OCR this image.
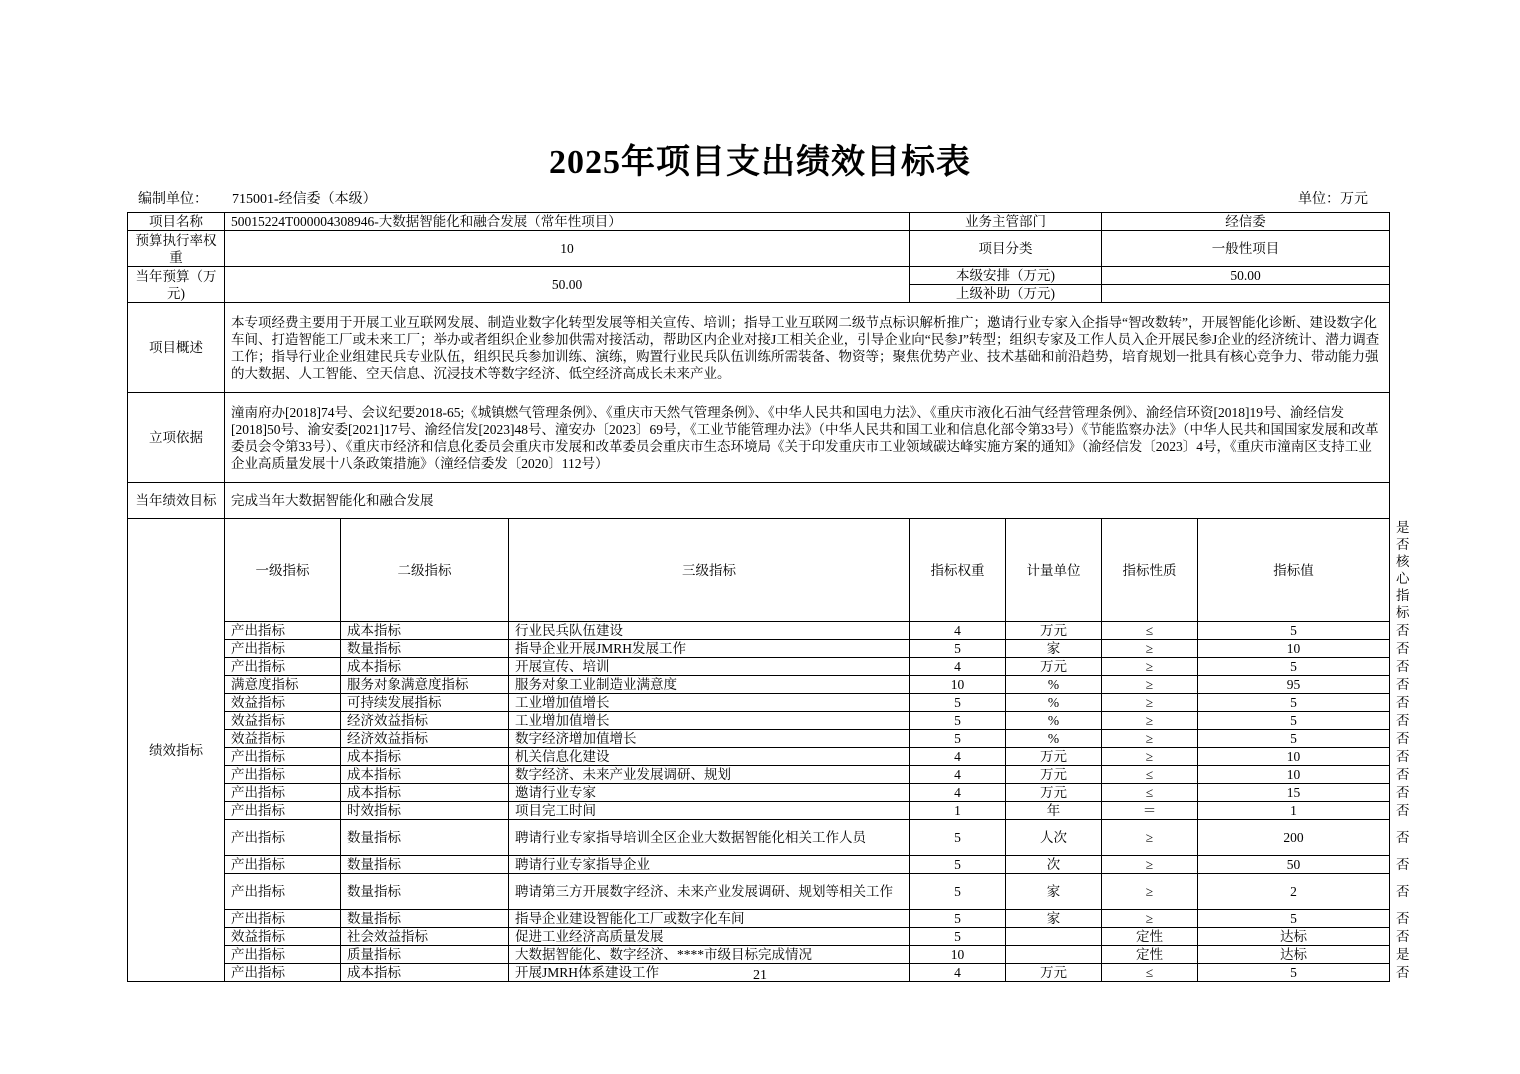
2025年项目支出绩效目标表
编制单位： 715001-经信委（本级）	单位：万元
项目名称	50015224T000004308946-大数据智能化和融合发展（常年性项目）			业务主管部门		经信委		
预算执行率权重	10			项目分类		一般性项目		
当年预算（万元)	50.00			本级安排（万元)		50.00		
				上级补助（万元)				
项目概述	本专项经费主要用于开展工业互联网发展、制造业数字化转型发展等相关宣传、培训；指导工业互联网二级节点标识解析推广；邀请行业专家入企指导“智改数转”，开展智能化诊断、建设数字化车间、打造智能工厂或未来工厂；举办或者组织企业参加供需对接活动，帮助区内企业对接J工相关企业，引导企业向“民参J”转型；组织专家及工作人员入企开展民参J企业的经济统计、潜力调查工作；指导行业企业组建民兵专业队伍，组织民兵参加训练、演练，购置行业民兵队伍训练所需装备、物资等；聚焦优势产业、技术基础和前沿趋势，培育规划一批具有核心竞争力、带动能力强的大数据、人工智能、空天信息、沉浸技术等数字经济、低空经济高成长未来产业。							
立项依据	潼南府办[2018]74号、会议纪要2018-65;《城镇燃气管理条例》、《重庆市天然气管理条例》、《中华人民共和国电力法》、《重庆市液化石油气经营管理条例》、渝经信环资[2018]19号、渝经信发[2018]50号、渝安委[2021]17号、渝经信发[2023]48号、潼安办〔2023〕69号，《工业节能管理办法》（中华人民共和国工业和信息化部令第33号）《节能监察办法》（中华人民共和国国家发展和改革委员会令第33号）、《重庆市经济和信息化委员会重庆市发展和改革委员会重庆市生态环境局《关于印发重庆市工业领域碳达峰实施方案的通知》（渝经信发〔2023〕4号，《重庆市潼南区支持工业企业高质量发展十八条政策措施》（潼经信委发〔2020〕112号）							
当年绩效目标	完成当年大数据智能化和融合发展							
绩效指标	一级指标	二级指标	三级指标	指标权重	计量单位	指标性质	指标值	是否核心指标
	产出指标	成本指标	行业民兵队伍建设	4	万元	≤	5	否
	产出指标	数量指标	指导企业开展JMRH发展工作	5	家	≥	10	否
	产出指标	成本指标	开展宣传、培训	4	万元	≥	5	否
	满意度指标	服务对象满意度指标	服务对象工业制造业满意度	10	%	≥	95	否
	效益指标	可持续发展指标	工业增加值增长	5	%	≥	5	否
	效益指标	经济效益指标	工业增加值增长	5	%	≥	5	否
	效益指标	经济效益指标	数字经济增加值增长	5	%	≥	5	否
	产出指标	成本指标	机关信息化建设	4	万元	≥	10	否
	产出指标	成本指标	数字经济、未来产业发展调研、规划	4	万元	≤	10	否
	产出指标	成本指标	邀请行业专家	4	万元	≤	15	否
	产出指标	时效指标	项目完工时间	1	年	＝	1	否
	产出指标	数量指标	聘请行业专家指导培训全区企业大数据智能化相关工作人员	5	人次	≥	200	否
	产出指标	数量指标	聘请行业专家指导企业	5	次	≥	50	否
	产出指标	数量指标	聘请第三方开展数字经济、未来产业发展调研、规划等相关工作	5	家	≥	2	否
	产出指标	数量指标	指导企业建设智能化工厂或数字化车间	5	家	≥	5	否
	效益指标	社会效益指标	促进工业经济高质量发展	5		定性	达标	否
	产出指标	质量指标	大数据智能化、数字经济、****市级目标完成情况	10		定性	达标	是
	产出指标	成本指标	开展JMRH体系建设工作	4	万元	≤	5	否
21
